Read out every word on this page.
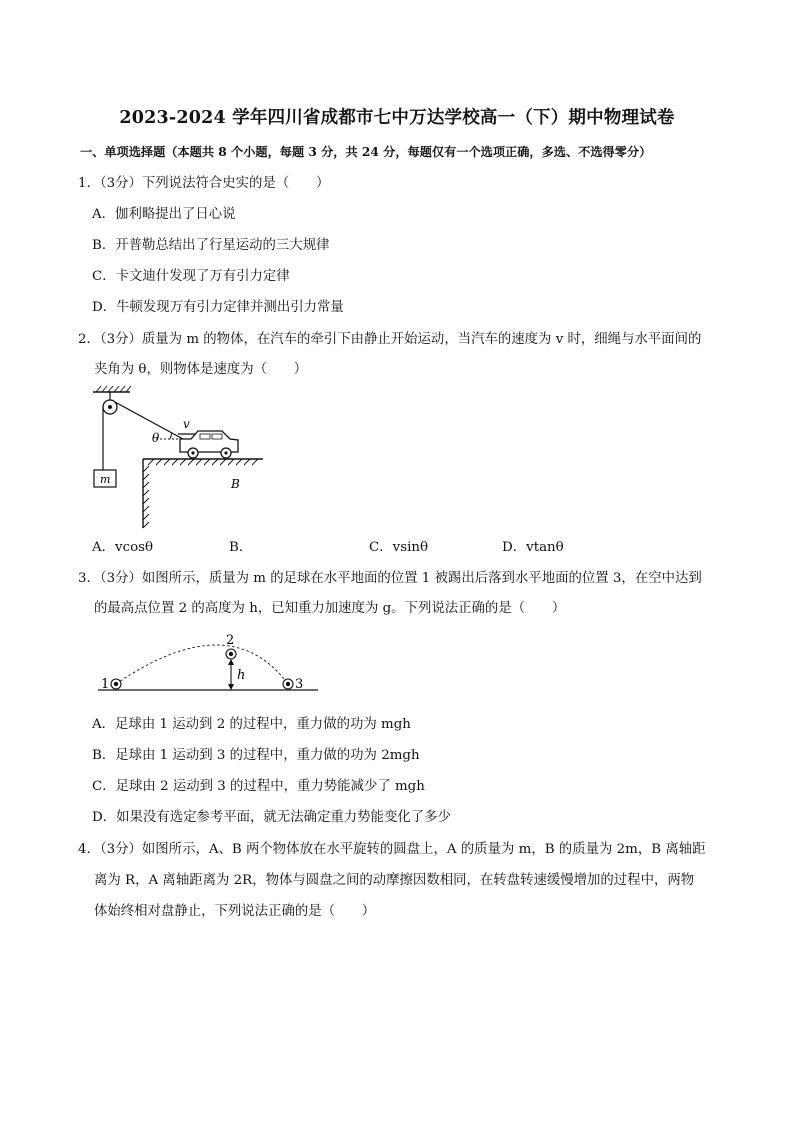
2023-2024 学年四川省成都市七中万达学校高一（下）期中物理试卷
一、单项选择题（本题共 8 个小题，每题 3 分，共 24 分，每题仅有一个选项正确，多选、不选得零分）
1．（3分）下列说法符合史实的是（　　）
A．伽利略提出了日心说
B．开普勒总结出了行星运动的三大规律
C．卡文迪什发现了万有引力定律
D．牛顿发现万有引力定律并测出引力常量
2．（3分）质量为 m 的物体，在汽车的牵引下由静止开始运动，当汽车的速度为 v 时，细绳与水平面间的
夹角为 θ，则物体是速度为（　　）
m
θ
v
B
A．vcosθ	B．	C．vsinθ	D．vtanθ
3．（3分）如图所示，质量为 m 的足球在水平地面的位置 1 被踢出后落到水平地面的位置 3，在空中达到
的最高点位置 2 的高度为 h，已知重力加速度为 g。下列说法正确的是（　　）
1
2
h
3
A．足球由 1 运动到 2 的过程中，重力做的功为 mgh
B．足球由 1 运动到 3 的过程中，重力做的功为 2mgh
C．足球由 2 运动到 3 的过程中，重力势能减少了 mgh
D．如果没有选定参考平面，就无法确定重力势能变化了多少
4．（3分）如图所示，A、B 两个物体放在水平旋转的圆盘上，A 的质量为 m，B 的质量为 2m，B 离轴距
离为 R，A 离轴距离为 2R，物体与圆盘之间的动摩擦因数相同，在转盘转速缓慢增加的过程中，两物
体始终相对盘静止，下列说法正确的是（　　）
